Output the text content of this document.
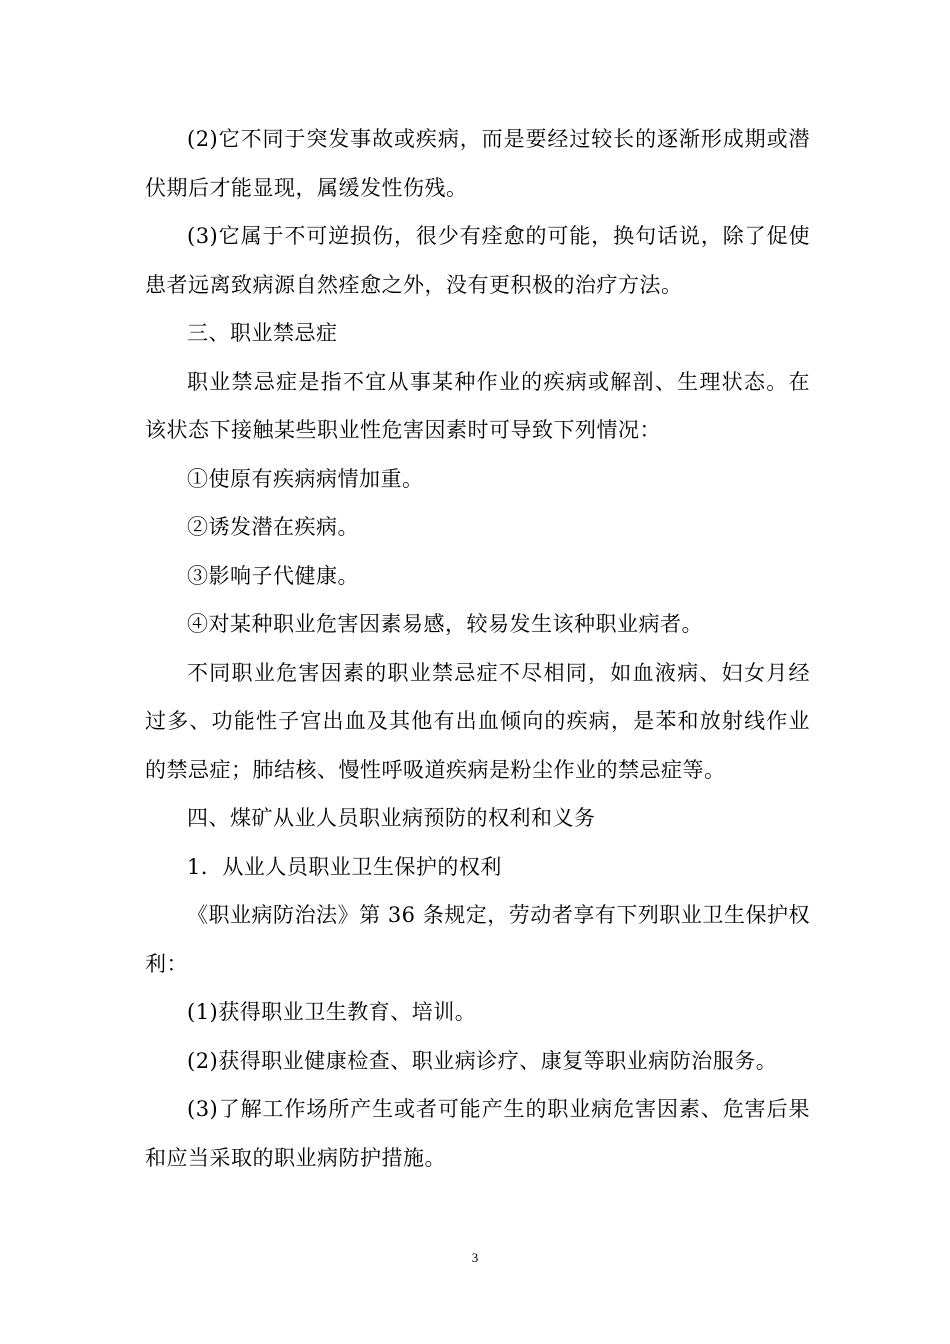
(2)它不同于突发事故或疾病，而是要经过较长的逐渐形成期或潜伏期后才能显现，属缓发性伤残。

(3)它属于不可逆损伤，很少有痊愈的可能，换句话说，除了促使患者远离致病源自然痊愈之外，没有更积极的治疗方法。

三、职业禁忌症

职业禁忌症是指不宜从事某种作业的疾病或解剖、生理状态。在该状态下接触某些职业性危害因素时可导致下列情况：

①使原有疾病病情加重。

②诱发潜在疾病。

③影响子代健康。

④对某种职业危害因素易感，较易发生该种职业病者。

不同职业危害因素的职业禁忌症不尽相同，如血液病、妇女月经过多、功能性子宫出血及其他有出血倾向的疾病，是苯和放射线作业的禁忌症；肺结核、慢性呼吸道疾病是粉尘作业的禁忌症等。

四、煤矿从业人员职业病预防的权利和义务

1．从业人员职业卫生保护的权利

《职业病防治法》第 36 条规定，劳动者享有下列职业卫生保护权利：

(1)获得职业卫生教育、培训。

(2)获得职业健康检查、职业病诊疗、康复等职业病防治服务。

(3)了解工作场所产生或者可能产生的职业病危害因素、危害后果和应当采取的职业病防护措施。

3
